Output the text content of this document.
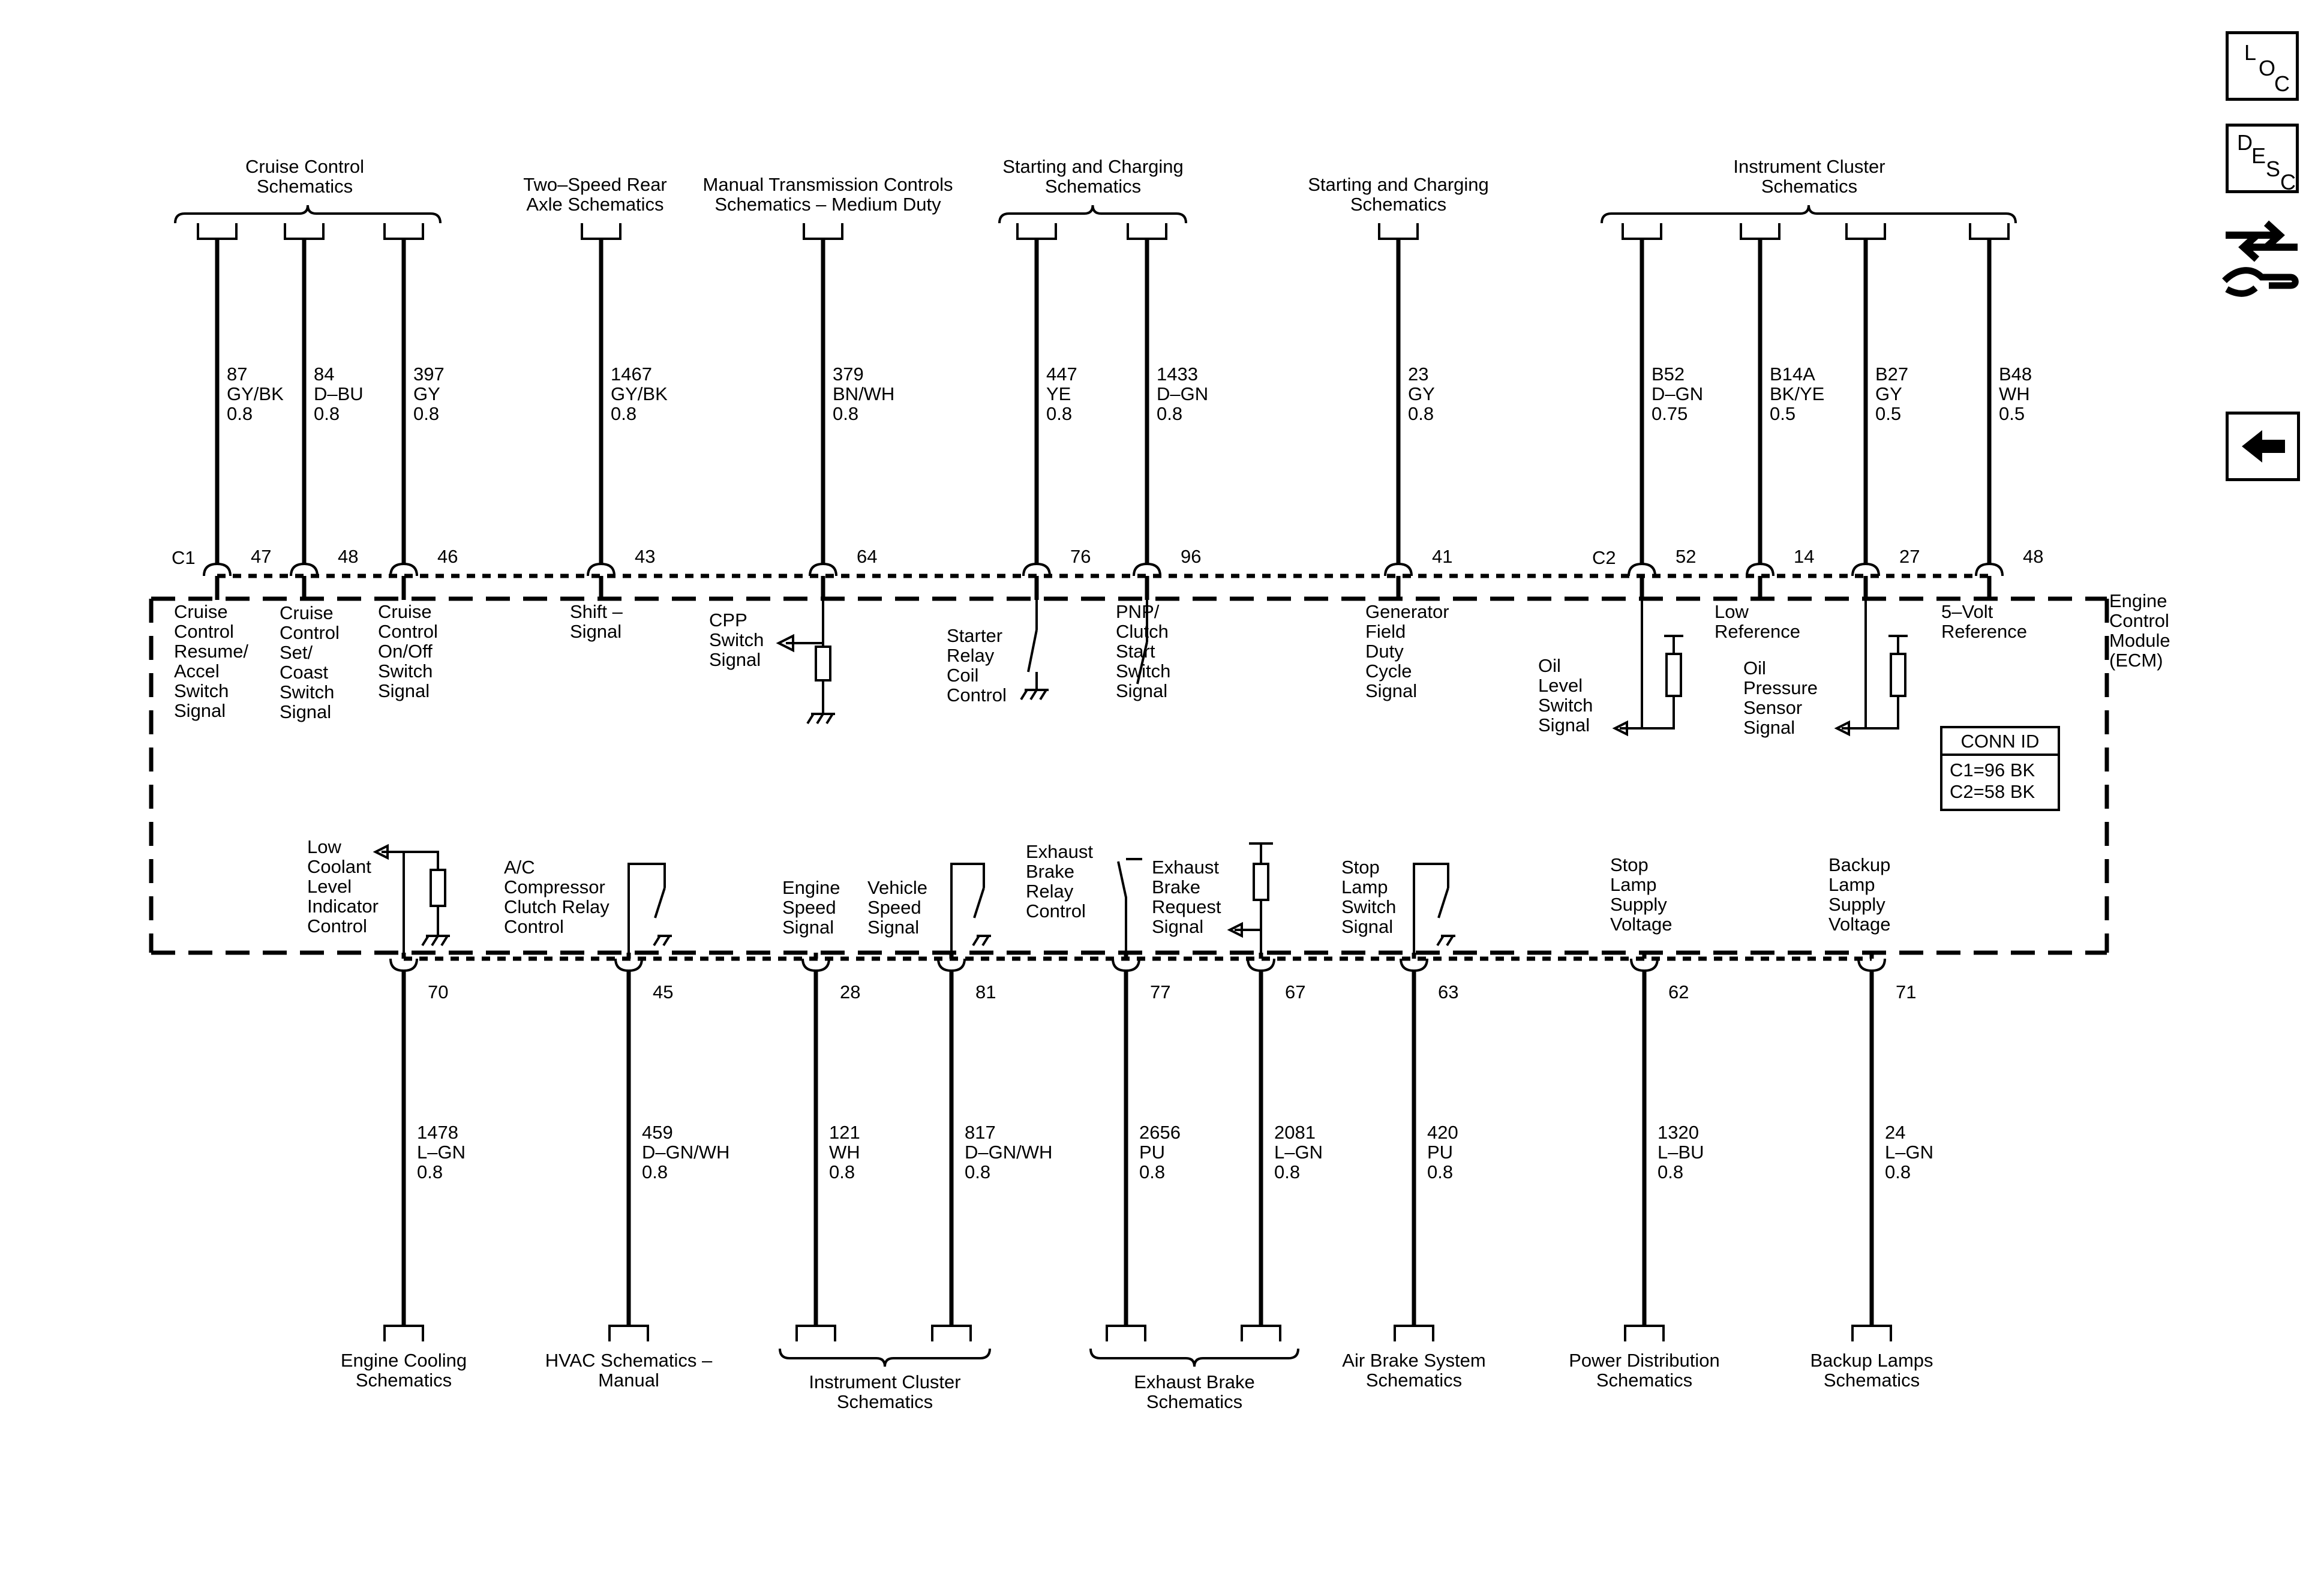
C1	C2
Cruise Control
Schematics	Two–Speed Rear
Axle Schematics
Manual Transmission Controls
Schematics – Medium Duty
Starting and Charging
Schematics	Starting and Charging
Schematics
Instrument Cluster
Schematics
87
GY/BK
0.8
47
84
D–BU
0.8
48
397
GY
0.8
46
1467
GY/BK
0.8
43
379
BN/WH
0.8
64
447
YE
0.8
76
1433
D–GN
0.8
96
23
GY
0.8
41
B52
D–GN
0.75
52
B14A
BK/YE
0.5
14
B27
GY
0.5
27
B48
WH
0.5
48
Cruise
Control
Resume/
Accel
Switch
Signal
Cruise
Control
Set/
Coast
Switch
Signal
Cruise
Control
On/Off
Switch
Signal
Shift –
Signal
CPP
Switch
Signal
Starter
Relay
Coil
Control
PNP/
Clutch
Start
Switch
Signal
Generator
Field
Duty
Cycle
Signal
Oil
Level
Switch
Signal
Low
Reference
Oil
Pressure
Sensor
Signal
5–Volt
Reference
CONN ID
C1=96 BK
C2=58 BK
Engine
Control
Module
(ECM)
1478
L–GN
0.8
70
459
D–GN/WH
0.8
45
121
WH
0.8
28
817
D–GN/WH
0.8
81
2656
PU
0.8
77
2081
L–GN
0.8
67
420
PU
0.8
63
1320
L–BU
0.8
62
24
L–GN
0.8
71
Low
Coolant
Level
Indicator
Control
A/C
Compressor
Clutch Relay
Control
Engine
Speed
Signal
Vehicle
Speed
Signal
Exhaust
Brake
Relay
Control
Exhaust
Brake
Request
Signal
Stop
Lamp
Switch
Signal
Stop
Lamp
Supply
Voltage
Backup
Lamp
Supply
Voltage
Engine Cooling
Schematics
HVAC Schematics –
Manual	Instrument Cluster
Schematics
Exhaust Brake
Schematics
Air Brake System
Schematics
Power Distribution
Schematics
Backup Lamps
Schematics
L
O
C
D
E
S
C
